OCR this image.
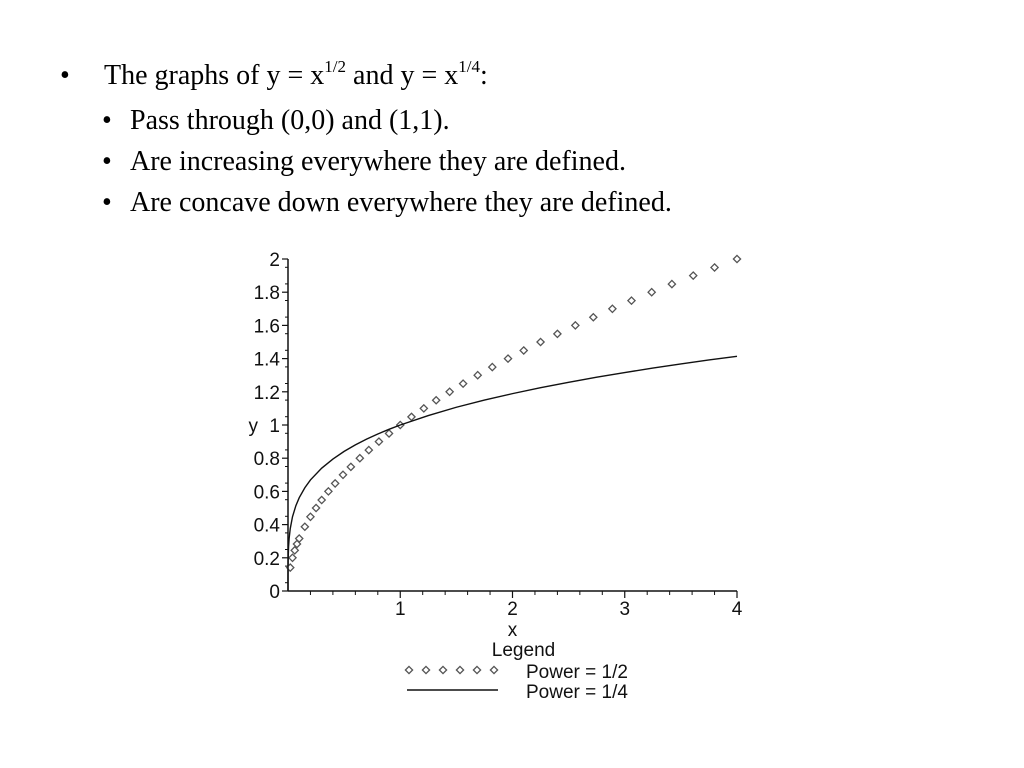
• The graphs of $y = x^{1/2}$ and $y = x^{1/4}$:
• Pass through (0,0) and (1,1).
• Are increasing everywhere they are defined.
• Are concave down everywhere they are defined.
0
0.2
0.4
0.6
0.8
y 1
1.2
1.4
1.6
1.8
2
1	2	3	4
x
Legend
Power = 1/2
Power = 1/4
